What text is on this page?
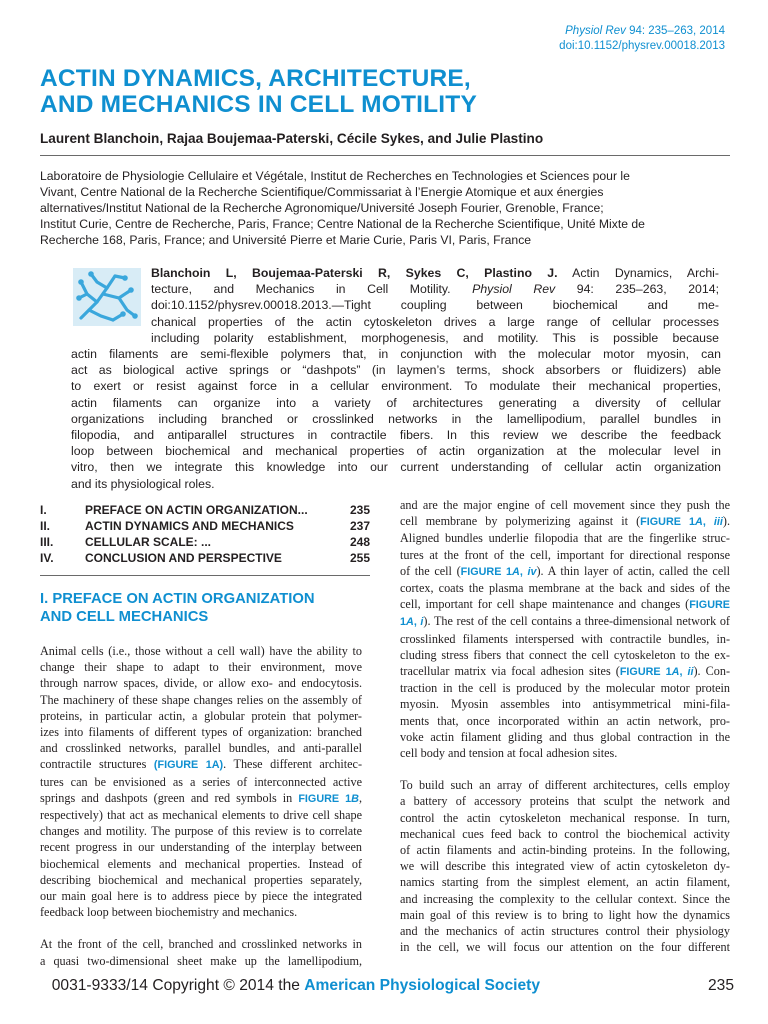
Physiol Rev 94: 235–263, 2014
doi:10.1152/physrev.00018.2013
ACTIN DYNAMICS, ARCHITECTURE,
AND MECHANICS IN CELL MOTILITY
Laurent Blanchoin, Rajaa Boujemaa-Paterski, Cécile Sykes, and Julie Plastino
Laboratoire de Physiologie Cellulaire et Végétale, Institut de Recherches en Technologies et Sciences pour le
Vivant, Centre National de la Recherche Scientifique/Commissariat à l’Energie Atomique et aux énergies
alternatives/Institut National de la Recherche Agronomique/Université Joseph Fourier, Grenoble, France;
Institut Curie, Centre de Recherche, Paris, France; Centre National de la Recherche Scientifique, Unité Mixte de
Recherche 168, Paris, France; and Université Pierre et Marie Curie, Paris VI, Paris, France
Blanchoin L, Boujemaa-Paterski R, Sykes C, Plastino J. Actin Dynamics, Archi-
tecture, and Mechanics in Cell Motility. Physiol Rev 94: 235–263, 2014;
doi:10.1152/physrev.00018.2013.—Tight coupling between biochemical and me-
chanical properties of the actin cytoskeleton drives a large range of cellular processes
including polarity establishment, morphogenesis, and motility. This is possible because
actin filaments are semi-flexible polymers that, in conjunction with the molecular motor myosin, can
act as biological active springs or “dashpots” (in laymen’s terms, shock absorbers or fluidizers) able
to exert or resist against force in a cellular environment. To modulate their mechanical properties,
actin filaments can organize into a variety of architectures generating a diversity of cellular
organizations including branched or crosslinked networks in the lamellipodium, parallel bundles in
filopodia, and antiparallel structures in contractile fibers. In this review we describe the feedback
loop between biochemical and mechanical properties of actin organization at the molecular level in
vitro, then we integrate this knowledge into our current understanding of cellular actin organization
and its physiological roles.
I.	PREFACE ON ACTIN ORGANIZATION...	235
II.	ACTIN DYNAMICS AND MECHANICS	237
III.	CELLULAR SCALE: ...	248
IV.	CONCLUSION AND PERSPECTIVE	255
I. PREFACE ON ACTIN ORGANIZATION
AND CELL MECHANICS
Animal cells (i.e., those without a cell wall) have the ability to
change their shape to adapt to their environment, move
through narrow spaces, divide, or allow exo- and endocytosis.
The machinery of these shape changes relies on the assembly of
proteins, in particular actin, a globular protein that polymer-
izes into filaments of different types of organization: branched
and crosslinked networks, parallel bundles, and anti-parallel
contractile structures (FIGURE 1A). These different architec-
tures can be envisioned as a series of interconnected active
springs and dashpots (green and red symbols in FIGURE 1B,
respectively) that act as mechanical elements to drive cell shape
changes and motility. The purpose of this review is to correlate
recent progress in our understanding of the interplay between
biochemical elements and mechanical properties. Instead of
describing biochemical and mechanical properties separately,
our main goal here is to address piece by piece the integrated
feedback loop between biochemistry and mechanics.
At the front of the cell, branched and crosslinked networks in
a quasi two-dimensional sheet make up the lamellipodium,
and are the major engine of cell movement since they push the
cell membrane by polymerizing against it (FIGURE 1A, iii).
Aligned bundles underlie filopodia that are the fingerlike struc-
tures at the front of the cell, important for directional response
of the cell (FIGURE 1A, iv). A thin layer of actin, called the cell
cortex, coats the plasma membrane at the back and sides of the
cell, important for cell shape maintenance and changes (FIGURE
1A, i). The rest of the cell contains a three-dimensional network of
crosslinked filaments interspersed with contractile bundles, in-
cluding stress fibers that connect the cell cytoskeleton to the ex-
tracellular matrix via focal adhesion sites (FIGURE 1A, ii). Con-
traction in the cell is produced by the molecular motor protein
myosin. Myosin assembles into antisymmetrical mini-fila-
ments that, once incorporated within an actin network, pro-
voke actin filament gliding and thus global contraction in the
cell body and tension at focal adhesion sites.
To build such an array of different architectures, cells employ
a battery of accessory proteins that sculpt the network and
control the actin cytoskeleton mechanical response. In turn,
mechanical cues feed back to control the biochemical activity
of actin filaments and actin-binding proteins. In the following,
we will describe this integrated view of actin cytoskeleton dy-
namics starting from the simplest element, an actin filament,
and increasing the complexity to the cellular context. Since the
main goal of this review is to bring to light how the dynamics
and the mechanics of actin structures control their physiology
in the cell, we will focus our attention on the four different
0031-9333/14 Copyright © 2014 the American Physiological Society	235
